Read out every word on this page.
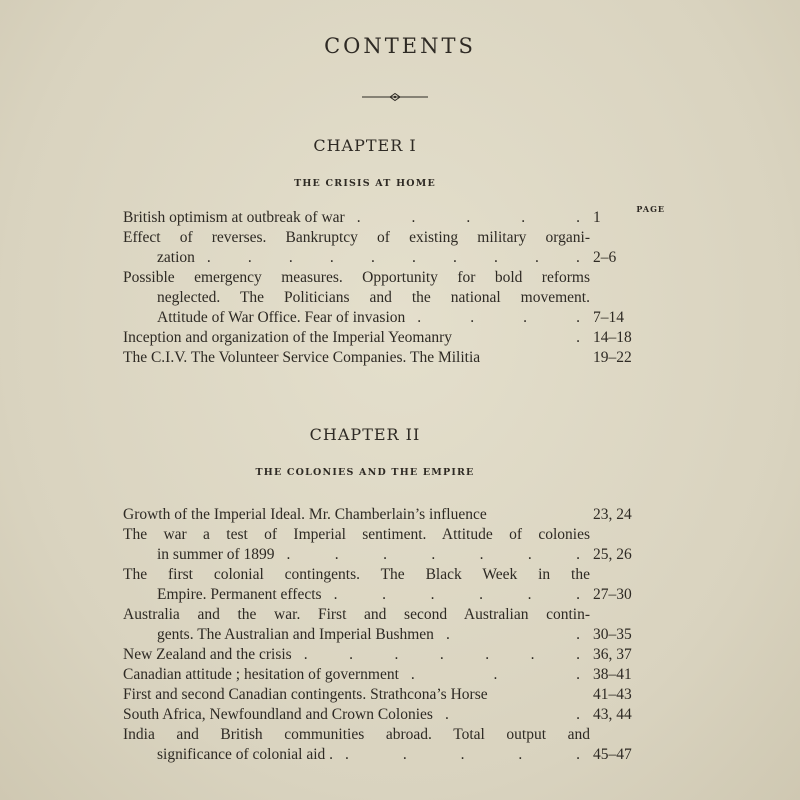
CONTENTS
CHAPTER I
THE CRISIS AT HOME
PAGE
British optimism at outbreak of war .	.	.	.	. 1
Effect of reverses. Bankruptcy of existing military organi-
zation . . . . . . . . . . 2–6
Possible emergency measures. Opportunity for bold reforms
neglected. The Politicians and the national movement.
Attitude of War Office. Fear of invasion .	.	.	. 7–14
Inception and organization of the Imperial Yeomanry	. 14–18
The C.I.V. The Volunteer Service Companies. The Militia	19–22
CHAPTER II
THE COLONIES AND THE EMPIRE
Growth of the Imperial Ideal. Mr. Chamberlain’s influence	23, 24
The war a test of Imperial sentiment. Attitude of colonies
in summer of 1899 .	.	.	.	.	.	. 25, 26
The first colonial contingents. The Black Week in the
Empire. Permanent effects .	.	.	.	.	. 27–30
Australia and the war. First and second Australian contin-
gents. The Australian and Imperial Bushmen .	. 30–35
New Zealand and the crisis .	.	.	.	.	.	. 36, 37
Canadian attitude ; hesitation of government .	.	. 38–41
First and second Canadian contingents. Strathcona’s Horse	41–43
South Africa, Newfoundland and Crown Colonies .	. 43, 44
India and British communities abroad. Total output and
significance of colonial aid . .	.	.	.	. 45–47
